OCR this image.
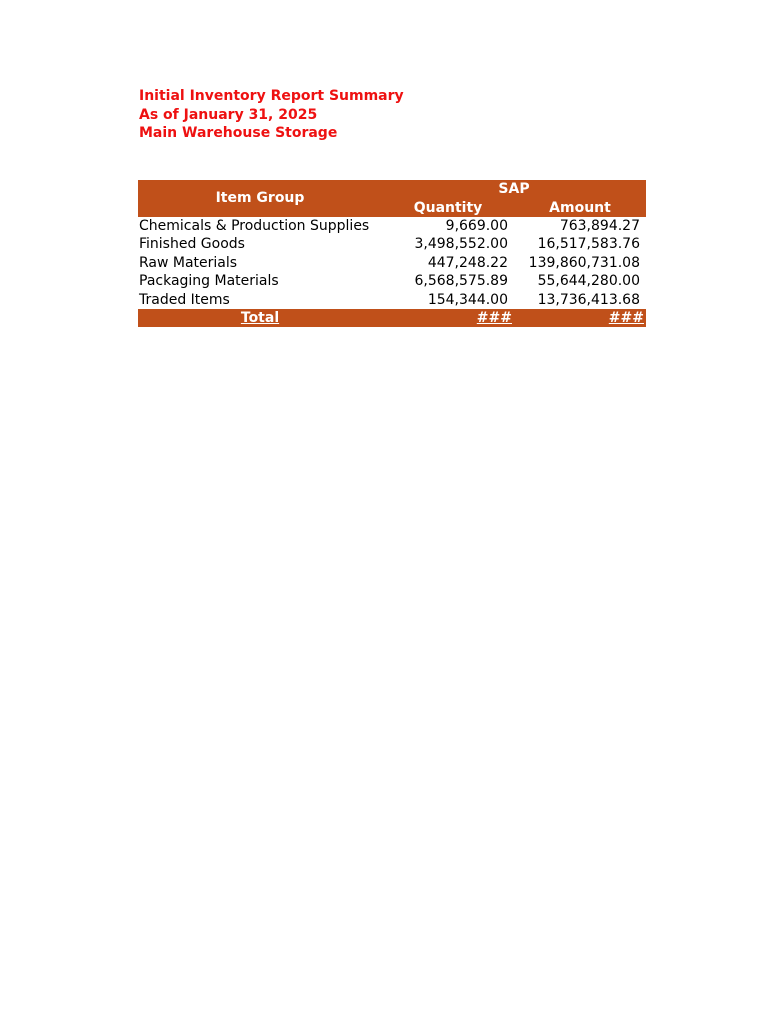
Initial Inventory Report Summary
As of January 31, 2025
Main Warehouse Storage
Item Group	SAP	
	Quantity	Amount
Chemicals & Production Supplies	9,669.00	763,894.27
Finished Goods	3,498,552.00	16,517,583.76
Raw Materials	447,248.22	139,860,731.08
Packaging Materials	6,568,575.89	55,644,280.00
Traded Items	154,344.00	13,736,413.68
Total	###	###
